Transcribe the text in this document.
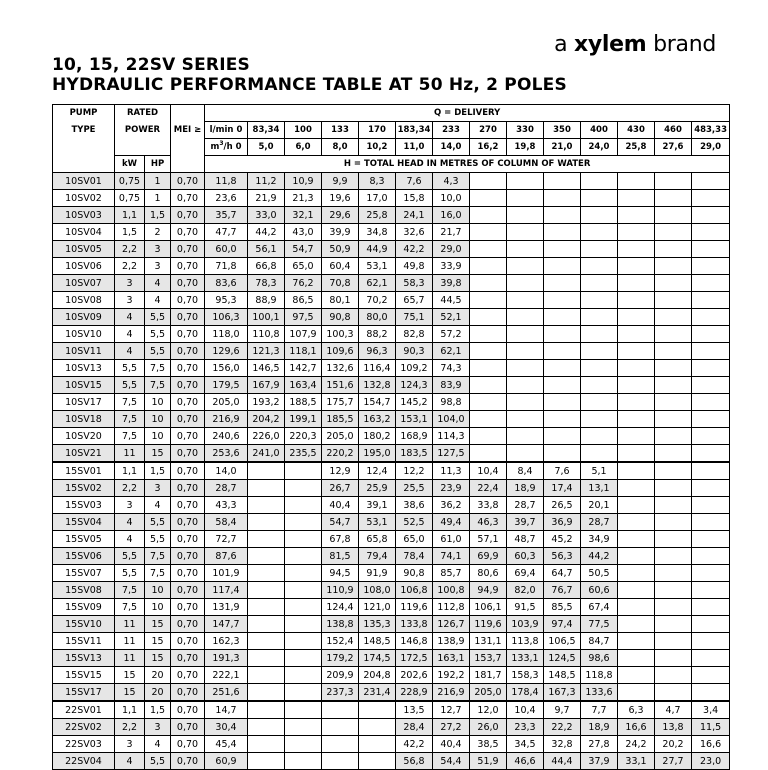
a xylem brand
10, 15, 22SV SERIES
HYDRAULIC PERFORMANCE TABLE AT 50 Hz, 2 POLES
PUMP	RATED			Q = DELIVERY													
TYPE	POWER		MEI ≥	l/min 0	83,34	100	133	170	183,34	233	270	330	350	400	430	460	483,33
				$m^3/h$ 0	5,0	6,0	8,0	10,2	11,0	14,0	16,2	19,8	21,0	24,0	25,8	27,6	29,0
	kW	HP		H = TOTAL HEAD IN METRES OF COLUMN OF WATER													
10SV01	0,75	1	0,70	11,8	11,2	10,9	9,9	8,3	7,6	4,3							
10SV02	0,75	1	0,70	23,6	21,9	21,3	19,6	17,0	15,8	10,0							
10SV03	1,1	1,5	0,70	35,7	33,0	32,1	29,6	25,8	24,1	16,0							
10SV04	1,5	2	0,70	47,7	44,2	43,0	39,9	34,8	32,6	21,7							
10SV05	2,2	3	0,70	60,0	56,1	54,7	50,9	44,9	42,2	29,0							
10SV06	2,2	3	0,70	71,8	66,8	65,0	60,4	53,1	49,8	33,9							
10SV07	3	4	0,70	83,6	78,3	76,2	70,8	62,1	58,3	39,8							
10SV08	3	4	0,70	95,3	88,9	86,5	80,1	70,2	65,7	44,5							
10SV09	4	5,5	0,70	106,3	100,1	97,5	90,8	80,0	75,1	52,1							
10SV10	4	5,5	0,70	118,0	110,8	107,9	100,3	88,2	82,8	57,2							
10SV11	4	5,5	0,70	129,6	121,3	118,1	109,6	96,3	90,3	62,1							
10SV13	5,5	7,5	0,70	156,0	146,5	142,7	132,6	116,4	109,2	74,3							
10SV15	5,5	7,5	0,70	179,5	167,9	163,4	151,6	132,8	124,3	83,9							
10SV17	7,5	10	0,70	205,0	193,2	188,5	175,7	154,7	145,2	98,8							
10SV18	7,5	10	0,70	216,9	204,2	199,1	185,5	163,2	153,1	104,0							
10SV20	7,5	10	0,70	240,6	226,0	220,3	205,0	180,2	168,9	114,3							
10SV21	11	15	0,70	253,6	241,0	235,5	220,2	195,0	183,5	127,5							
15SV01	1,1	1,5	0,70	14,0			12,9	12,4	12,2	11,3	10,4	8,4	7,6	5,1			
15SV02	2,2	3	0,70	28,7			26,7	25,9	25,5	23,9	22,4	18,9	17,4	13,1			
15SV03	3	4	0,70	43,3			40,4	39,1	38,6	36,2	33,8	28,7	26,5	20,1			
15SV04	4	5,5	0,70	58,4			54,7	53,1	52,5	49,4	46,3	39,7	36,9	28,7			
15SV05	4	5,5	0,70	72,7			67,8	65,8	65,0	61,0	57,1	48,7	45,2	34,9			
15SV06	5,5	7,5	0,70	87,6			81,5	79,4	78,4	74,1	69,9	60,3	56,3	44,2			
15SV07	5,5	7,5	0,70	101,9			94,5	91,9	90,8	85,7	80,6	69,4	64,7	50,5			
15SV08	7,5	10	0,70	117,4			110,9	108,0	106,8	100,8	94,9	82,0	76,7	60,6			
15SV09	7,5	10	0,70	131,9			124,4	121,0	119,6	112,8	106,1	91,5	85,5	67,4			
15SV10	11	15	0,70	147,7			138,8	135,3	133,8	126,7	119,6	103,9	97,4	77,5			
15SV11	11	15	0,70	162,3			152,4	148,5	146,8	138,9	131,1	113,8	106,5	84,7			
15SV13	11	15	0,70	191,3			179,2	174,5	172,5	163,1	153,7	133,1	124,5	98,6			
15SV15	15	20	0,70	222,1			209,9	204,8	202,6	192,2	181,7	158,3	148,5	118,8			
15SV17	15	20	0,70	251,6			237,3	231,4	228,9	216,9	205,0	178,4	167,3	133,6			
22SV01	1,1	1,5	0,70	14,7					13,5	12,7	12,0	10,4	9,7	7,7	6,3	4,7	3,4
22SV02	2,2	3	0,70	30,4					28,4	27,2	26,0	23,3	22,2	18,9	16,6	13,8	11,5
22SV03	3	4	0,70	45,4					42,2	40,4	38,5	34,5	32,8	27,8	24,2	20,2	16,6
22SV04	4	5,5	0,70	60,9					56,8	54,4	51,9	46,6	44,4	37,9	33,1	27,7	23,0
